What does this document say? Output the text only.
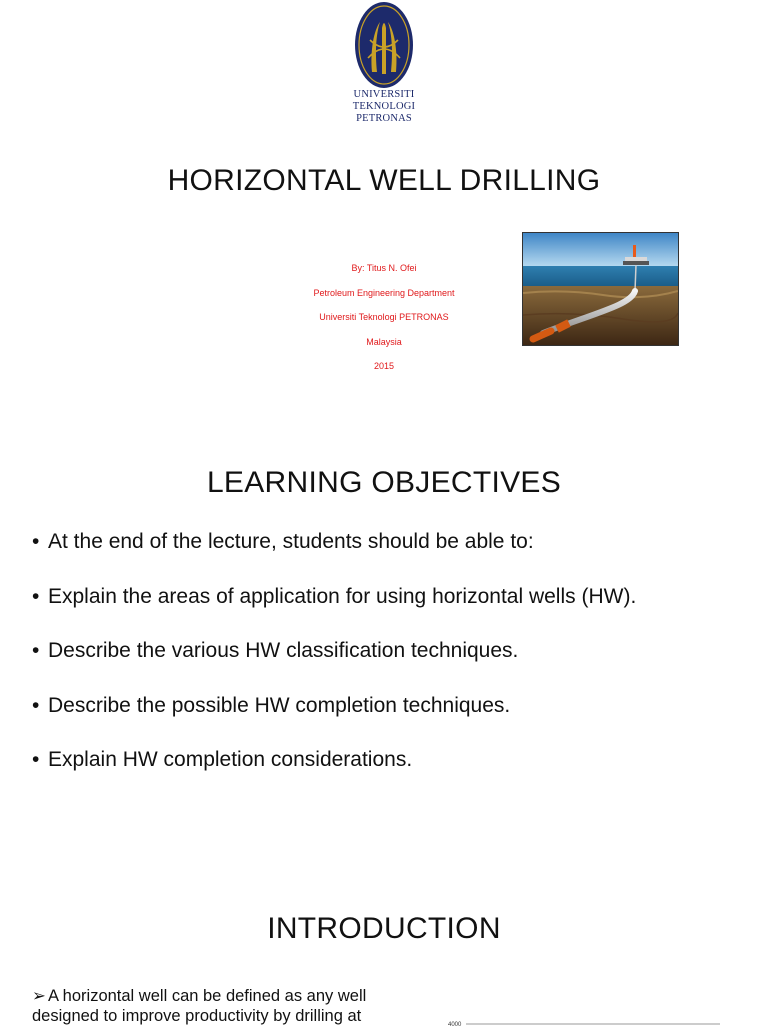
UNIVERSITI
TEKNOLOGI
PETRONAS
HORIZONTAL WELL DRILLING
By: Titus N. Ofei
Petroleum Engineering Department
Universiti Teknologi PETRONAS
Malaysia
2015
LEARNING OBJECTIVES
• At the end of the lecture, students should be able to:
• Explain the areas of application for using horizontal wells (HW).
• Describe the various HW classification techniques.
• Describe the possible HW completion techniques.
• Explain HW completion considerations.
INTRODUCTION
➢ A horizontal well can be defined as any well designed to improve productivity by drilling at	4000
